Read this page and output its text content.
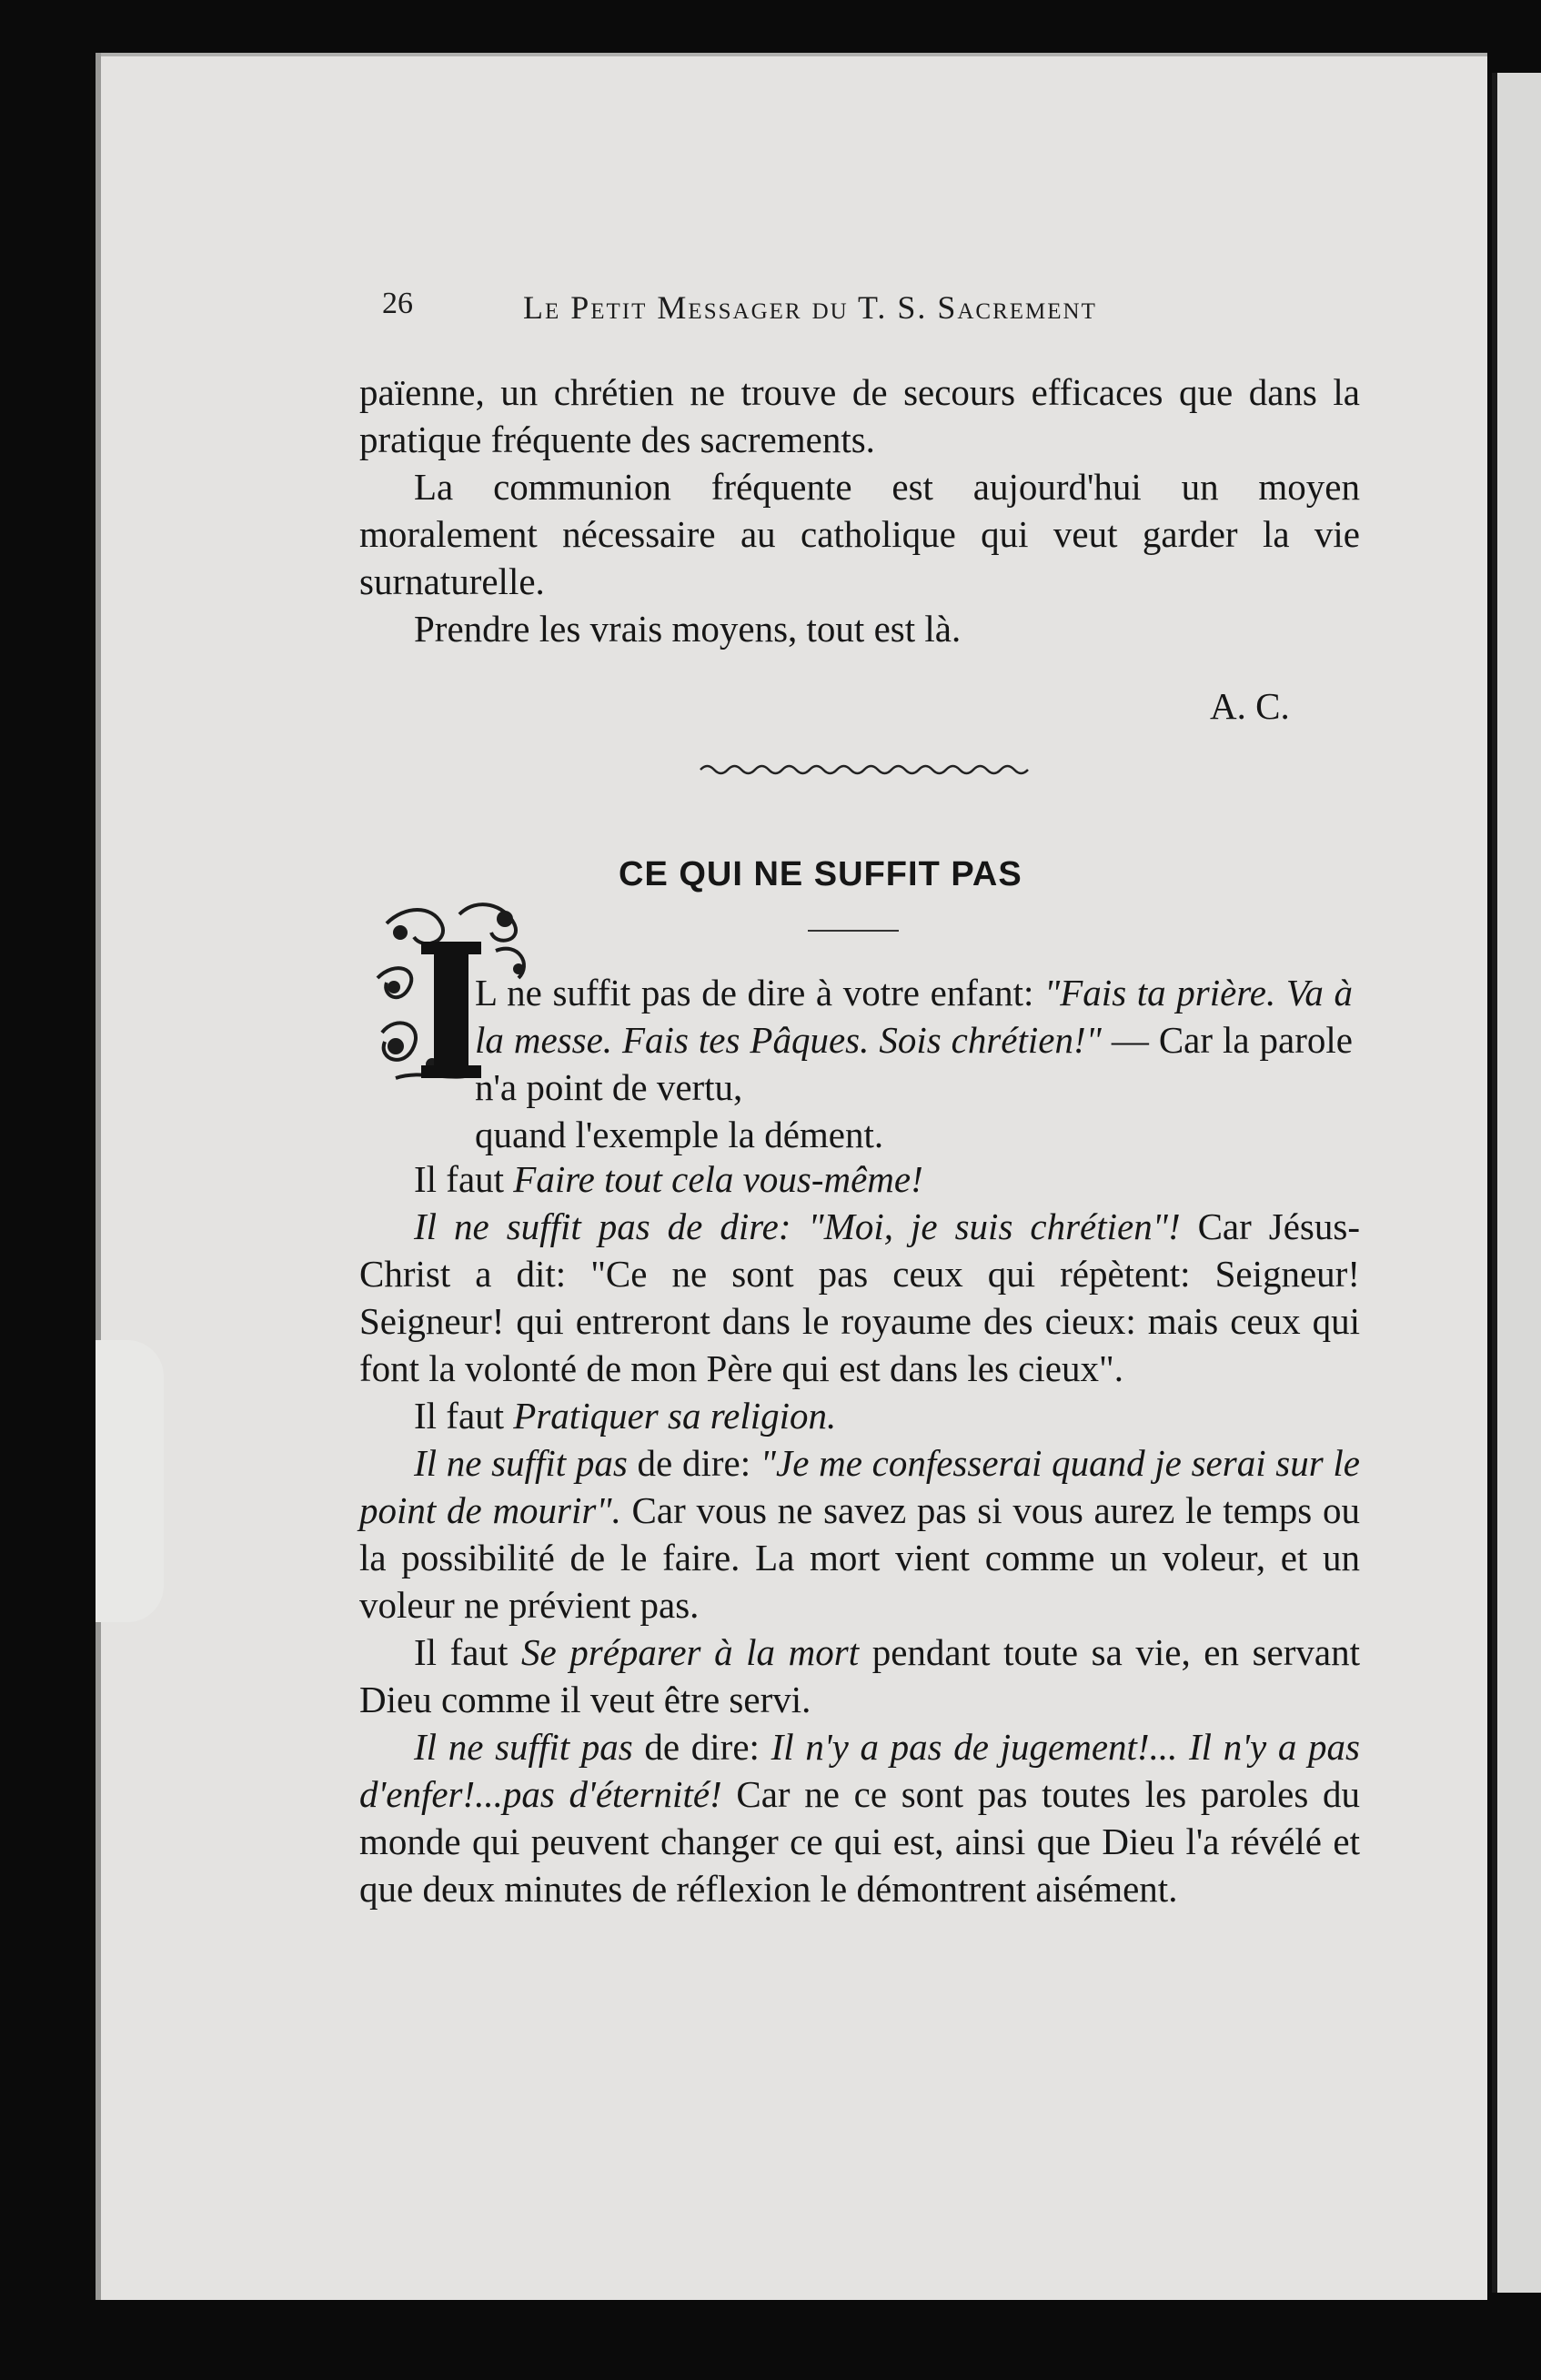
26	Le Petit Messager du T. S. Sacrement

païenne, un chrétien ne trouve de secours efficaces que dans la pratique fréquente des sacrements.

La communion fréquente est aujourd'hui un moyen moralement nécessaire au catholique qui veut garder la vie surnaturelle.

Prendre les vrais moyens, tout est là.

A. C.
CE QUI NE SUFFIT PAS
L ne suffit pas de dire à votre enfant: "Fais ta prière. Va à la messe. Fais tes Pâques. Sois chrétien!" — Car la parole n'a point de vertu,
quand l'exemple la dément.

Il faut Faire tout cela vous-même!

Il ne suffit pas de dire: "Moi, je suis chrétien"! Car Jésus-Christ a dit: "Ce ne sont pas ceux qui répètent: Seigneur! Seigneur! qui entreront dans le royaume des cieux: mais ceux qui font la volonté de mon Père qui est dans les cieux".

Il faut Pratiquer sa religion.

Il ne suffit pas de dire: "Je me confesserai quand je serai sur le point de mourir". Car vous ne savez pas si vous aurez le temps ou la possibilité de le faire. La mort vient comme un voleur, et un voleur ne prévient pas.

Il faut Se préparer à la mort pendant toute sa vie, en servant Dieu comme il veut être servi.

Il ne suffit pas de dire: Il n'y a pas de jugement!... Il n'y a pas d'enfer!...pas d'éternité! Car ne ce sont pas toutes les paroles du monde qui peuvent changer ce qui est, ainsi que Dieu l'a révélé et que deux minutes de réflexion le démontrent aisément.
